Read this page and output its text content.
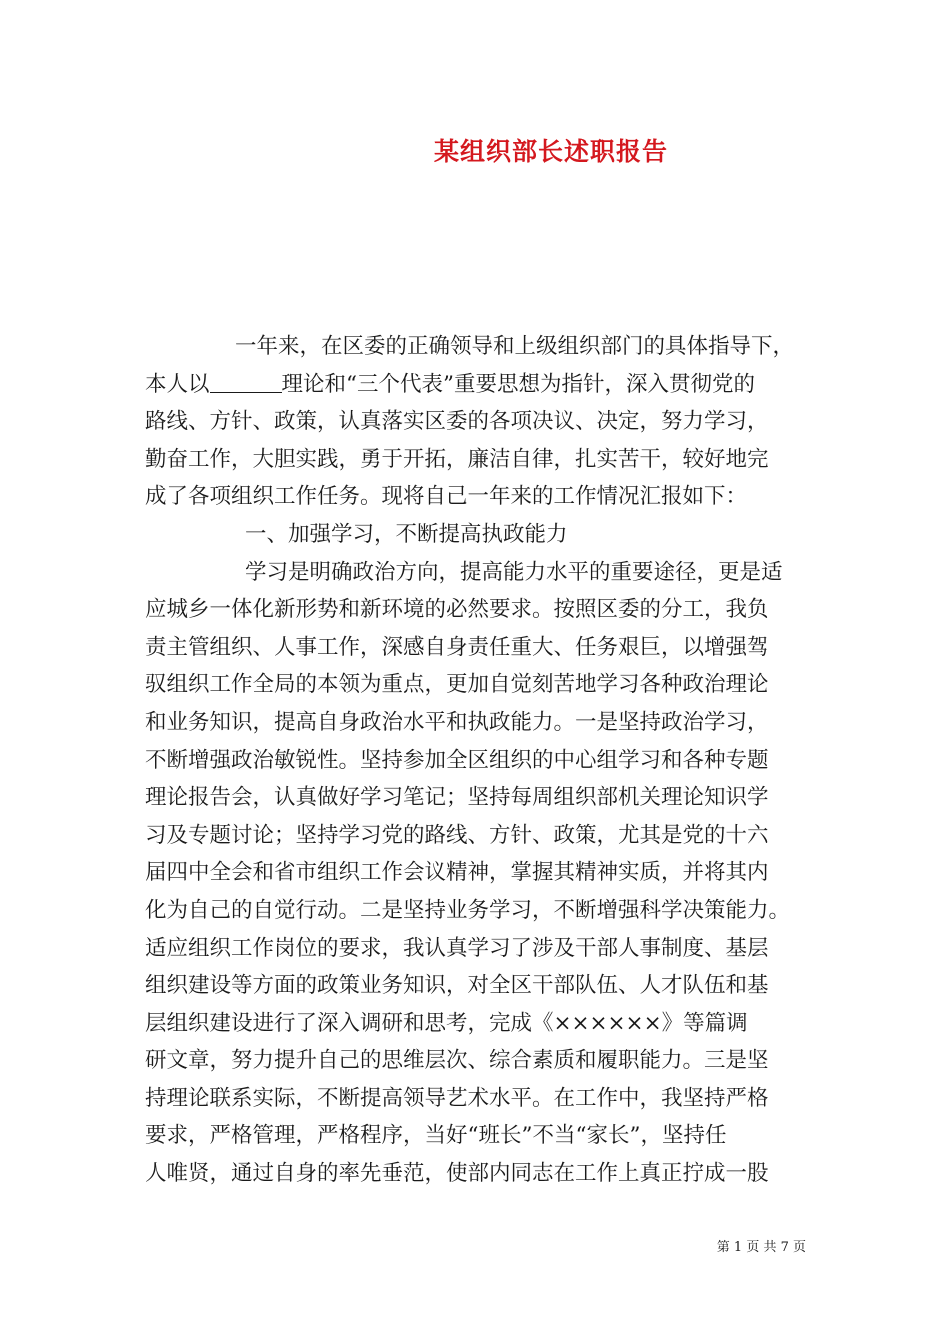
某组织部长述职报告
一年来，在区委的正确领导和上级组织部门的具体指导下，
本人以	理论和“三个代表”重要思想为指针，深入贯彻党的
路线、方针、政策，认真落实区委的各项决议、决定，努力学习，
勤奋工作，大胆实践，勇于开拓，廉洁自律，扎实苦干，较好地完
成了各项组织工作任务。现将自己一年来的工作情况汇报如下：
一、加强学习，不断提高执政能力
学习是明确政治方向，提高能力水平的重要途径，更是适
应城乡一体化新形势和新环境的必然要求。按照区委的分工，我负
责主管组织、人事工作，深感自身责任重大、任务艰巨，以增强驾
驭组织工作全局的本领为重点，更加自觉刻苦地学习各种政治理论
和业务知识，提高自身政治水平和执政能力。一是坚持政治学习，
不断增强政治敏锐性。坚持参加全区组织的中心组学习和各种专题
理论报告会，认真做好学习笔记；坚持每周组织部机关理论知识学
习及专题讨论；坚持学习党的路线、方针、政策，尤其是党的十六
届四中全会和省市组织工作会议精神，掌握其精神实质，并将其内
化为自己的自觉行动。二是坚持业务学习，不断增强科学决策能力。
适应组织工作岗位的要求，我认真学习了涉及干部人事制度、基层
组织建设等方面的政策业务知识，对全区干部队伍、人才队伍和基
层组织建设进行了深入调研和思考，完成《××××××》等篇调
研文章，努力提升自己的思维层次、综合素质和履职能力。三是坚
持理论联系实际，不断提高领导艺术水平。在工作中，我坚持严格
要求，严格管理，严格程序，当好“班长”不当“家长”，坚持任
人唯贤，通过自身的率先垂范，使部内同志在工作上真正拧成一股
第 1 页 共 7 页
